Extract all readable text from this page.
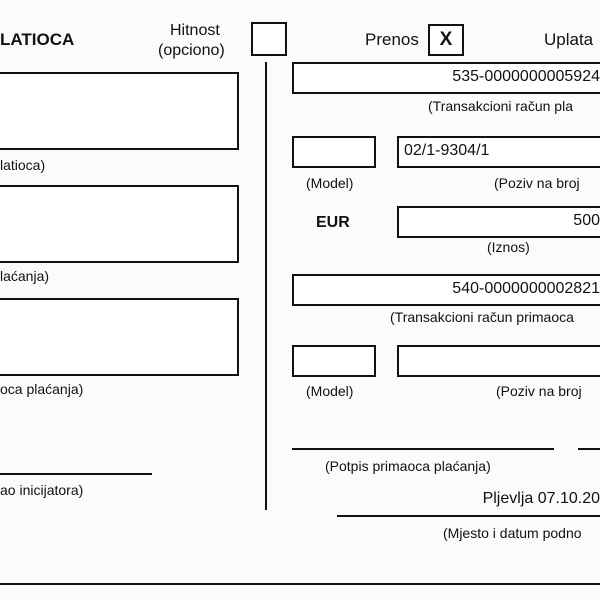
LATIOCA	Hitnost
(opciono)
Prenos	X	Uplata
latioca)
laćanja)
oca plaćanja)
ao inicijatora)
535-0000000005924
(Transakcioni račun pla
(Model)
02/1-9304/1
(Poziv na broj
EUR	500
(Iznos)
540-0000000002821
(Transakcioni račun primaoca
(Model)	(Poziv na broj
(Potpis primaoca plaćanja)
Pljevlja 07.10.20
(Mjesto i datum podno
